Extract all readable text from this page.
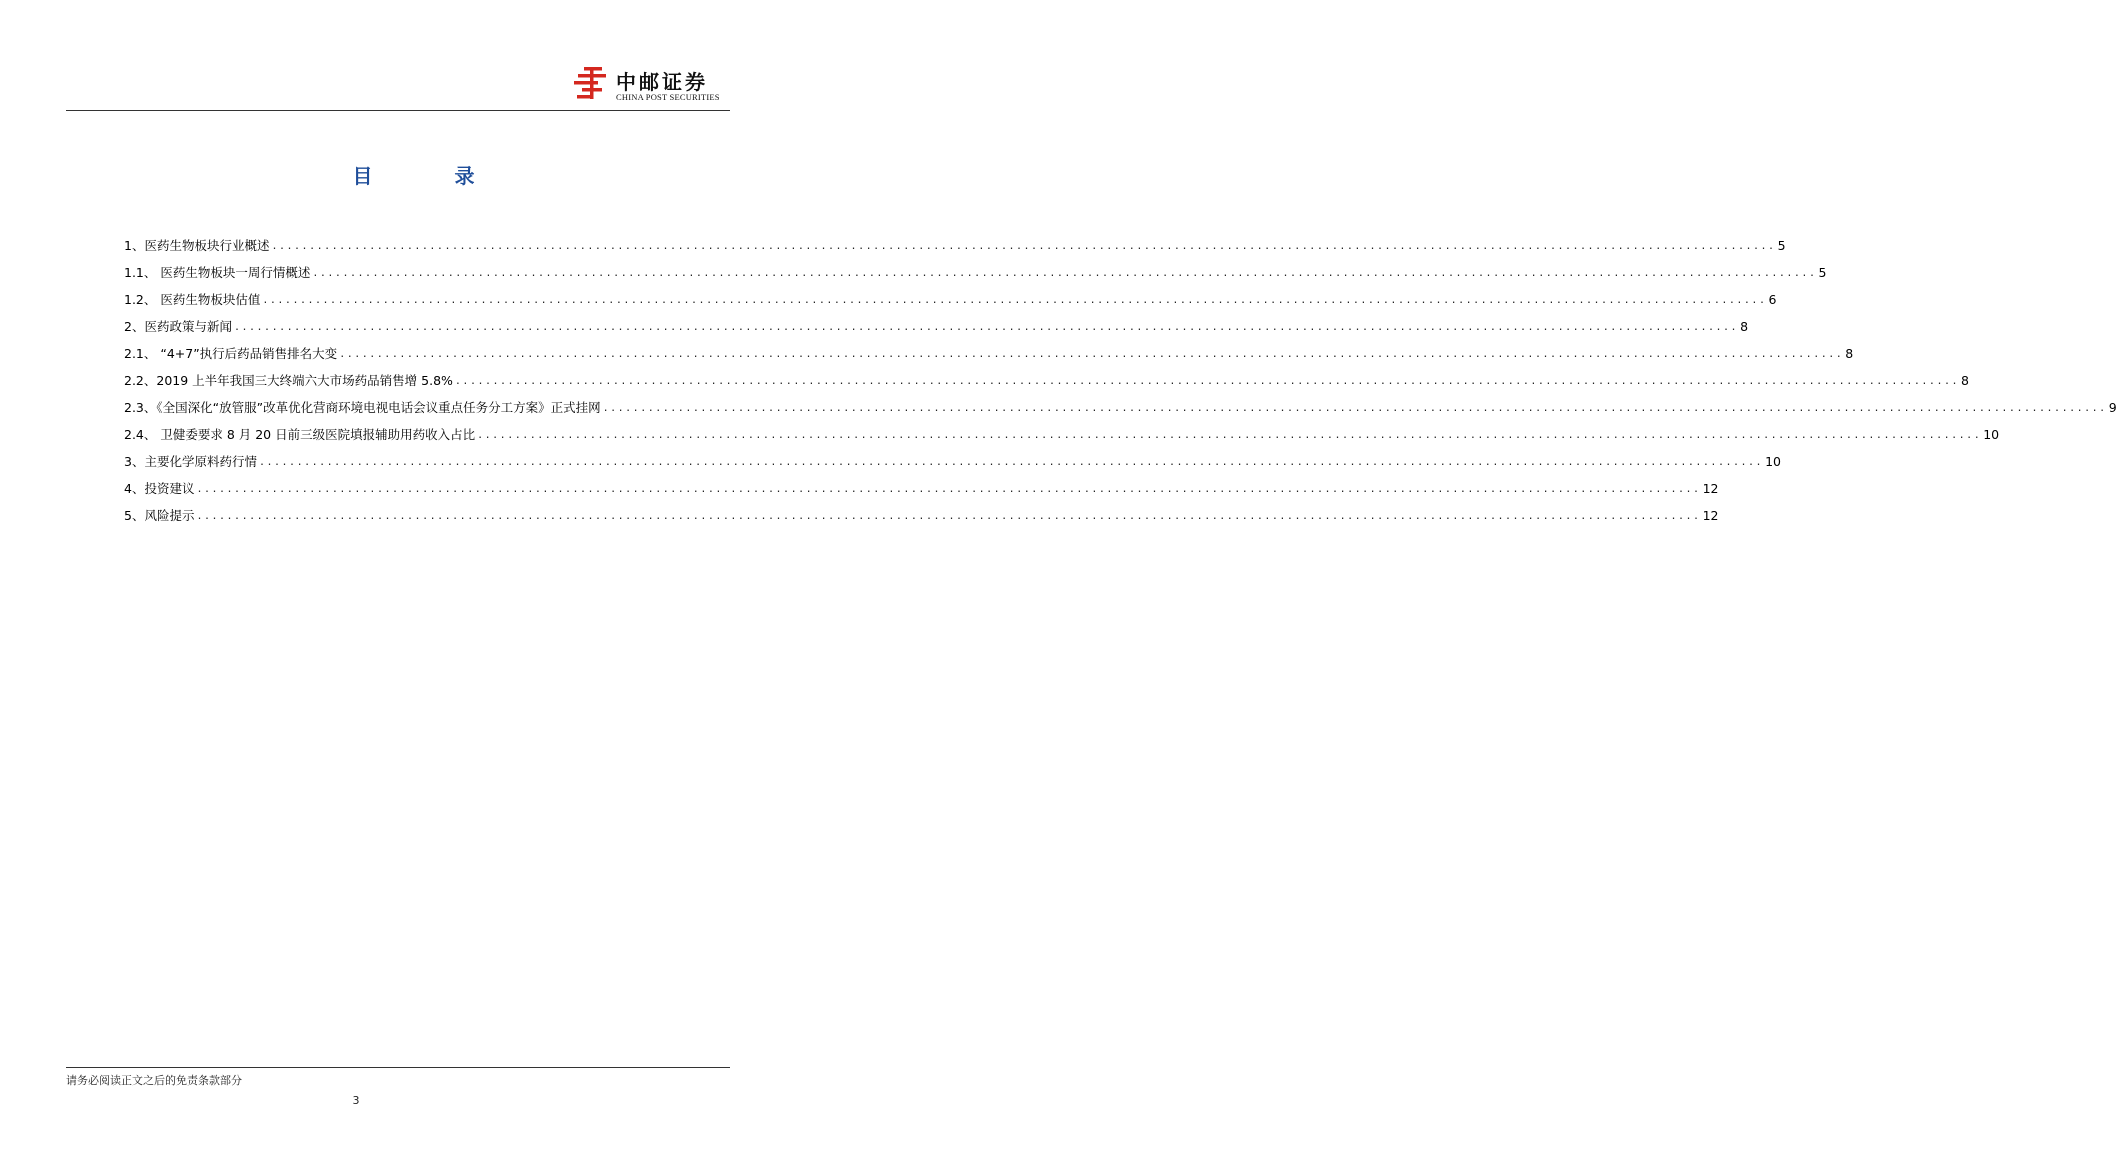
中邮证券
CHINA POST SECURITIES
目	录
1、医药生物板块行业概述 ........................................................................................................................................................................................................ 5
1.1、 医药生物板块一周行情概述 ........................................................................................................................................................................................................ 5
1.2、 医药生物板块估值 ........................................................................................................................................................................................................ 6
2、医药政策与新闻 ........................................................................................................................................................................................................ 8
2.1、 “4+7”执行后药品销售排名大变 ........................................................................................................................................................................................................ 8
2.2、2019 上半年我国三大终端六大市场药品销售增 5.8% ........................................................................................................................................................................................................ 8
2.3、《全国深化“放管服”改革优化营商环境电视电话会议重点任务分工方案》正式挂网 ........................................................................................................................................................................................................ 9
2.4、 卫健委要求 8 月 20 日前三级医院填报辅助用药收入占比 ........................................................................................................................................................................................................ 10
3、主要化学原料药行情 ........................................................................................................................................................................................................ 10
4、投资建议 ........................................................................................................................................................................................................ 12
5、风险提示 ........................................................................................................................................................................................................ 12
请务必阅读正文之后的免责条款部分
3
